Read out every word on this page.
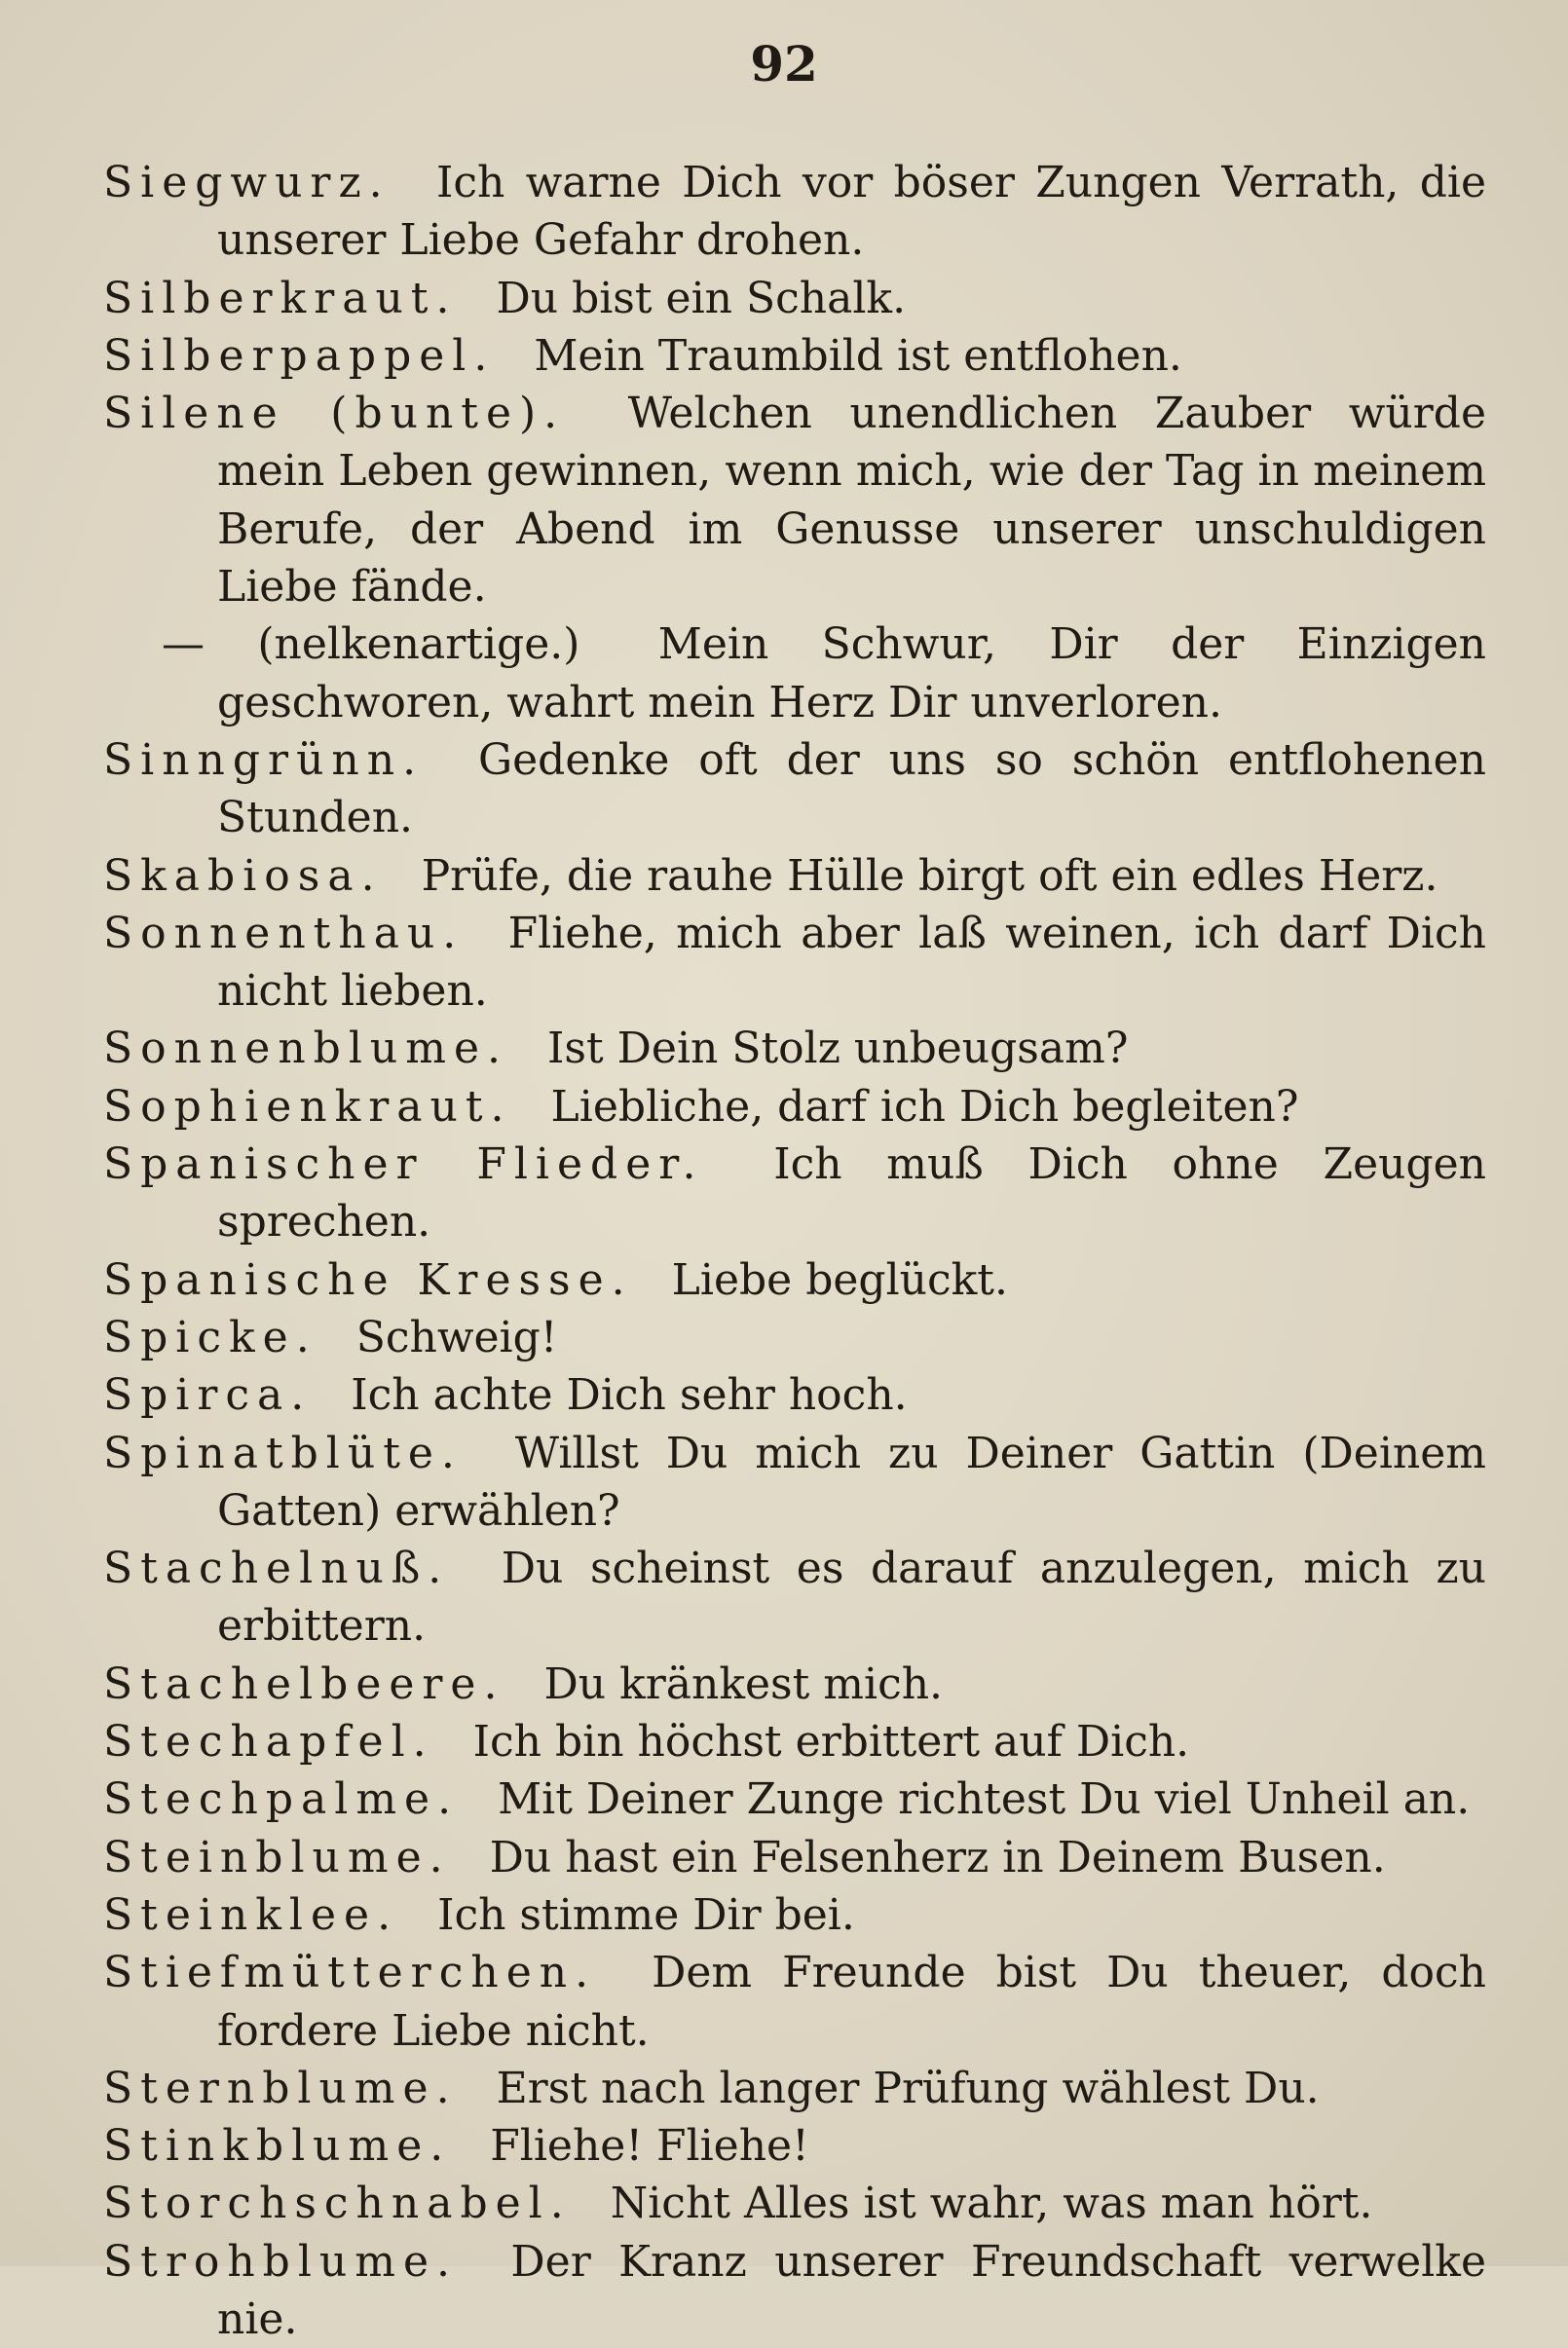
92

Siegwurz. Ich warne Dich vor böser Zungen Verrath, die unserer Liebe Gefahr drohen.

Silberkraut. Du bist ein Schalk.

Silberpappel. Mein Traumbild ist entflohen.

Silene (bunte). Welchen unendlichen Zauber würde mein Leben gewinnen, wenn mich, wie der Tag in meinem Berufe, der Abend im Genusse unserer unschuldigen Liebe fände.

— (nelkenartige.) Mein Schwur, Dir der Einzigen geschworen, wahrt mein Herz Dir unverloren.

Sinngrünn. Gedenke oft der uns so schön entflohenen Stunden.

Skabiosa. Prüfe, die rauhe Hülle birgt oft ein edles Herz.

Sonnenthau. Fliehe, mich aber laß weinen, ich darf Dich nicht lieben.

Sonnenblume. Ist Dein Stolz unbeugsam?

Sophienkraut. Liebliche, darf ich Dich begleiten?

Spanischer Flieder. Ich muß Dich ohne Zeugen sprechen.

Spanische Kresse. Liebe beglückt.

Spicke. Schweig!

Spirca. Ich achte Dich sehr hoch.

Spinatblüte. Willst Du mich zu Deiner Gattin (Deinem Gatten) erwählen?

Stachelnuß. Du scheinst es darauf anzulegen, mich zu erbittern.

Stachelbeere. Du kränkest mich.

Stechapfel. Ich bin höchst erbittert auf Dich.

Stechpalme. Mit Deiner Zunge richtest Du viel Unheil an.

Steinblume. Du hast ein Felsenherz in Deinem Busen.

Steinklee. Ich stimme Dir bei.

Stiefmütterchen. Dem Freunde bist Du theuer, doch fordere Liebe nicht.

Sternblume. Erst nach langer Prüfung wählest Du.

Stinkblume. Fliehe! Fliehe!

Storchschnabel. Nicht Alles ist wahr, was man hört.

Strohblume. Der Kranz unserer Freundschaft verwelke nie.
